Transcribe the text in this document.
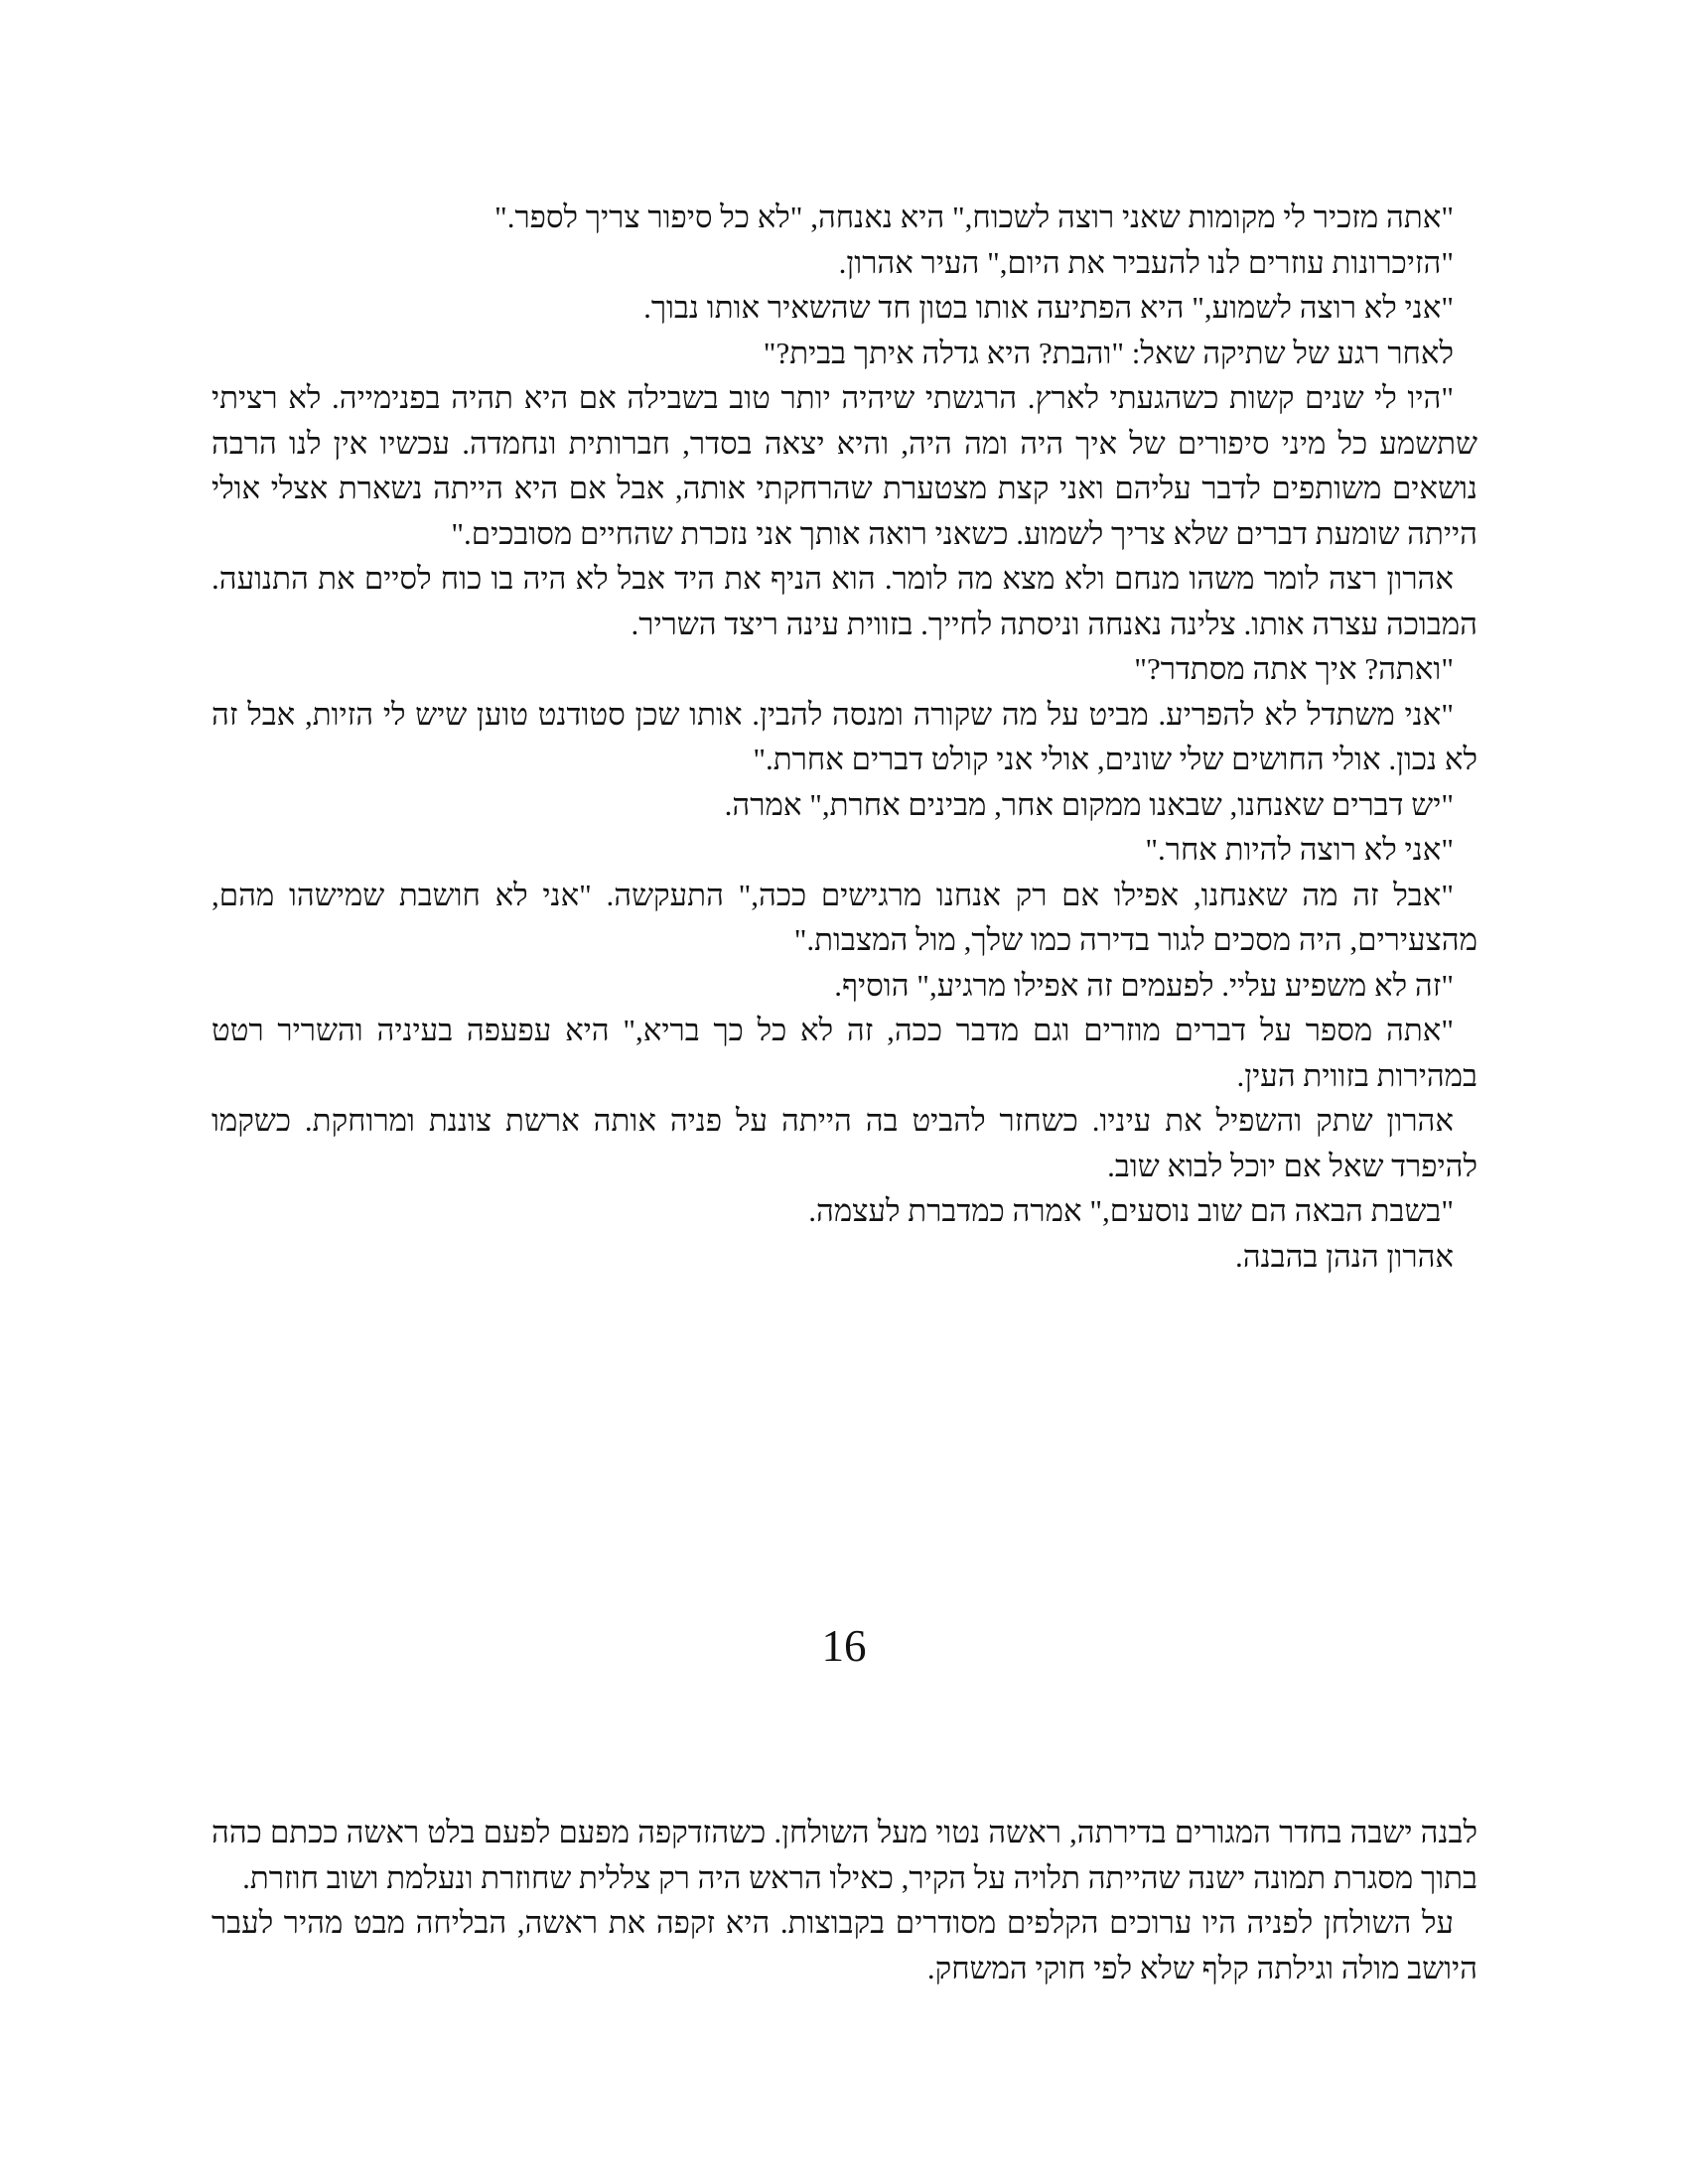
"אתה מזכיר לי מקומות שאני רוצה לשכוח," היא נאנחה, "לא כל סיפור צריך לספר."

"הזיכרונות עוזרים לנו להעביר את היום," העיר אהרון.

"אני לא רוצה לשמוע," היא הפתיעה אותו בטון חד שהשאיר אותו נבוך.

לאחר רגע של שתיקה שאל: "והבת? היא גדלה איתך בבית?"

"היו לי שנים קשות כשהגעתי לארץ. הרגשתי שיהיה יותר טוב בשבילה אם היא תהיה בפנימייה. לא רציתי שתשמע כל מיני סיפורים של איך היה ומה היה, והיא יצאה בסדר, חברותית ונחמדה. עכשיו אין לנו הרבה נושאים משותפים לדבר עליהם ואני קצת מצטערת שהרחקתי אותה, אבל אם היא הייתה נשארת אצלי אולי הייתה שומעת דברים שלא צריך לשמוע. כשאני רואה אותך אני נזכרת שהחיים מסובכים."

אהרון רצה לומר משהו מנחם ולא מצא מה לומר. הוא הניף את היד אבל לא היה בו כוח לסיים את התנועה. המבוכה עצרה אותו. צלינה נאנחה וניסתה לחייך. בזווית עינה ריצד השריר.

"ואתה? איך אתה מסתדר?"

"אני משתדל לא להפריע. מביט על מה שקורה ומנסה להבין. אותו שכן סטודנט טוען שיש לי הזיות, אבל זה לא נכון. אולי החושים שלי שונים, אולי אני קולט דברים אחרת."

"יש דברים שאנחנו, שבאנו ממקום אחר, מבינים אחרת," אמרה.

"אני לא רוצה להיות אחר."

"אבל זה מה שאנחנו, אפילו אם רק אנחנו מרגישים ככה," התעקשה. "אני לא חושבת שמישהו מהם, מהצעירים, היה מסכים לגור בדירה כמו שלך, מול המצבות."

"זה לא משפיע עליי. לפעמים זה אפילו מרגיע," הוסיף.

"אתה מספר על דברים מוזרים וגם מדבר ככה, זה לא כל כך בריא," היא עפעפה בעיניה והשריר רטט במהירות בזווית העין.

אהרון שתק והשפיל את עיניו. כשחזר להביט בה הייתה על פניה אותה ארשת צוננת ומרוחקת. כשקמו להיפרד שאל אם יוכל לבוא שוב.

"בשבת הבאה הם שוב נוסעים," אמרה כמדברת לעצמה.

אהרון הנהן בהבנה.

16

לבנה ישבה בחדר המגורים בדירתה, ראשה נטוי מעל השולחן. כשהזדקפה מפעם לפעם בלט ראשה ככתם כהה בתוך מסגרת תמונה ישנה שהייתה תלויה על הקיר, כאילו הראש היה רק צללית שחוזרת ונעלמת ושוב חוזרת.

על השולחן לפניה היו ערוכים הקלפים מסודרים בקבוצות. היא זקפה את ראשה, הבליחה מבט מהיר לעבר היושב מולה וגילתה קלף שלא לפי חוקי המשחק.
